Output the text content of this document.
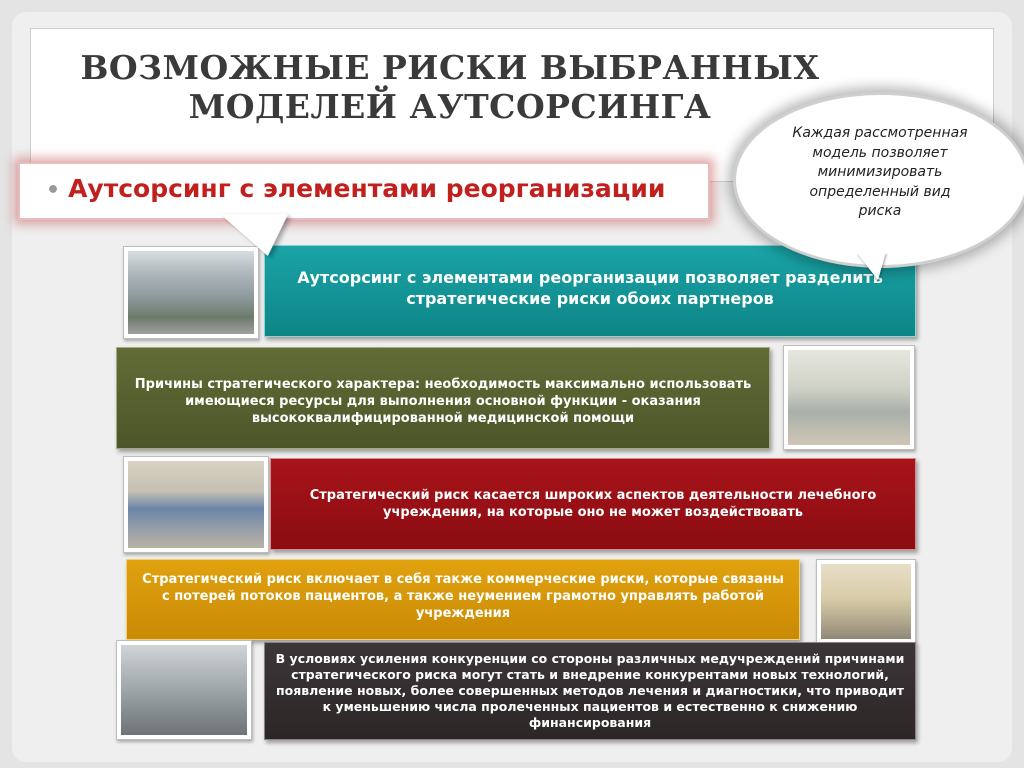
ВОЗМОЖНЫЕ РИСКИ ВЫБРАННЫХ МОДЕЛЕЙ АУТСОРСИНГА
• Аутсорсинг с элементами реорганизации
Каждая рассмотренная модель позволяет минимизировать определенный вид риска
Аутсорсинг с элементами реорганизации позволяет разделить стратегические риски обоих партнеров
Причины стратегического характера: необходимость максимально использовать имеющиеся ресурсы для выполнения основной функции - оказания высококвалифицированной медицинской помощи
Стратегический риск касается широких аспектов деятельности лечебного учреждения, на которые оно не может воздействовать
Стратегический риск включает в себя также коммерческие риски, которые связаны с потерей потоков пациентов, а также неумением грамотно управлять работой учреждения
В условиях усиления конкуренции со стороны различных медучреждений причинами стратегического риска могут стать и внедрение конкурентами новых технологий, появление новых, более совершенных методов лечения и диагностики, что приводит к уменьшению числа пролеченных пациентов и естественно к снижению финансирования
